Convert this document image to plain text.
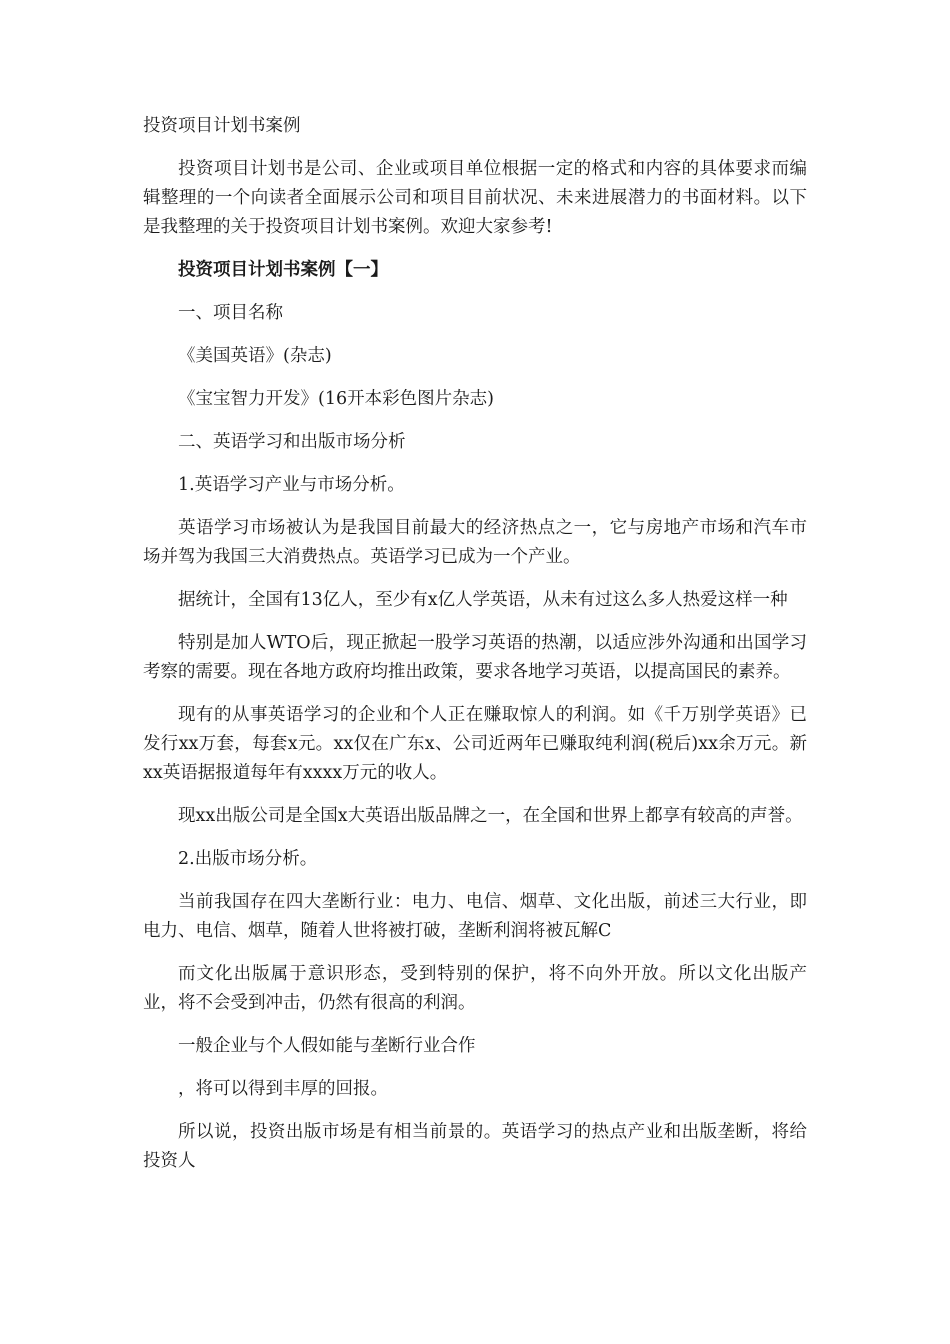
投资项目计划书案例

投资项目计划书是公司、企业或项目单位根据一定的格式和内容的具体要求而编辑整理的一个向读者全面展示公司和项目目前状况、未来进展潜力的书面材料。以下是我整理的关于投资项目计划书案例。欢迎大家参考!

投资项目计划书案例【一】

一、项目名称

《美国英语》(杂志)

《宝宝智力开发》(16开本彩色图片杂志)

二、英语学习和出版市场分析

1.英语学习产业与市场分析。

英语学习市场被认为是我国目前最大的经济热点之一，它与房地产市场和汽车市场并驾为我国三大消费热点。英语学习已成为一个产业。

据统计，全国有13亿人，至少有x亿人学英语，从未有过这么多人热爱这样一种

特别是加人WTO后，现正掀起一股学习英语的热潮，以适应涉外沟通和出国学习考察的需要。现在各地方政府均推出政策，要求各地学习英语，以提高国民的素养。

现有的从事英语学习的企业和个人正在赚取惊人的利润。如《千万别学英语》已发行xx万套，每套x元。xx仅在广东x、公司近两年已赚取纯利润(税后)xx余万元。新xx英语据报道每年有xxxx万元的收人。

现xx出版公司是全国x大英语出版品牌之一，在全国和世界上都享有较高的声誉。

2.出版市场分析。

当前我国存在四大垄断行业：电力、电信、烟草、文化出版，前述三大行业，即电力、电信、烟草，随着人世将被打破，垄断利润将被瓦解C

而文化出版属于意识形态，受到特别的保护，将不向外开放。所以文化出版产业，将不会受到冲击，仍然有很高的利润。

一般企业与个人假如能与垄断行业合作

，将可以得到丰厚的回报。

所以说，投资出版市场是有相当前景的。英语学习的热点产业和出版垄断，将给投资人
